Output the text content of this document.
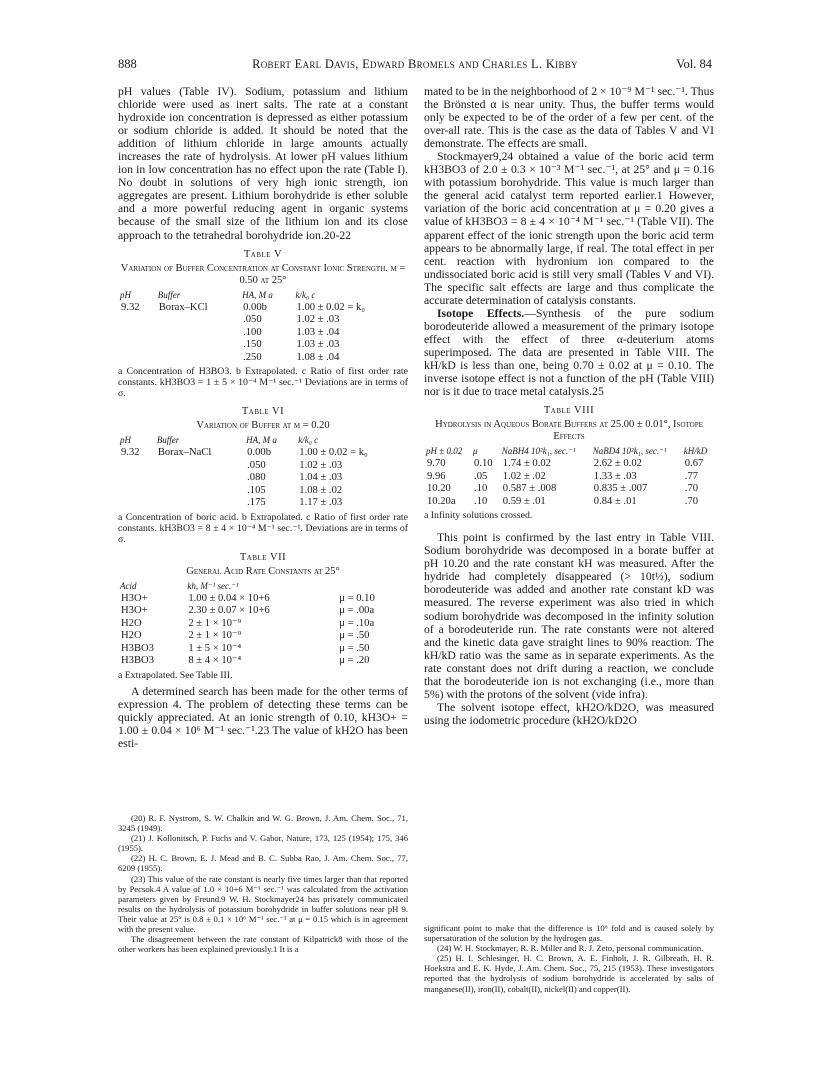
888	Robert Earl Davis, Edward Bromels and Charles L. Kibby	Vol. 84

pH values (Table IV). Sodium, potassium and lithium chloride were used as inert salts. The rate at a constant hydroxide ion concentration is depressed as either potassium or sodium chloride is added. It should be noted that the addition of lithium chloride in large amounts actually increases the rate of hydrolysis. At lower pH values lithium ion in low concentration has no effect upon the rate (Table I). No doubt in solutions of very high ionic strength, ion aggregates are present. Lithium borohydride is ether soluble and a more powerful reducing agent in organic systems because of the small size of the lithium ion and its close approach to the tetrahedral borohydride ion.20-22

Table V
Variation of Buffer Concentration at Constant Ionic Strength. μ = 0.50 at 25°
pH	Buffer	HA, M a	k/k₀ c
9.32	Borax–KCl	0.00b	1.00 ± 0.02 = k₀
		.050	1.02 ± .03
		.100	1.03 ± .04
		.150	1.03 ± .03
		.250	1.08 ± .04
a Concentration of H3BO3. b Extrapolated. c Ratio of first order rate constants. kH3BO3 = 1 ± 5 × 10⁻⁴ M⁻¹ sec.⁻¹ Deviations are in terms of σ.
Table VI
Variation of Buffer at μ = 0.20
pH	Buffer	HA, M a	k/k₀ c
9.32	Borax–NaCl	0.00b	1.00 ± 0.02 = k₀
		.050	1.02 ± .03
		.080	1.04 ± .03
		.105	1.08 ± .02
		.175	1.17 ± .03
a Concentration of boric acid. b Extrapolated. c Ratio of first order rate constants. kH3BO3 = 8 ± 4 × 10⁻⁴ M⁻¹ sec.⁻¹. Deviations are in terms of σ.
Table VII
General Acid Rate Constants at 25°
Acid	kh, M⁻¹ sec.⁻¹	
H3O+	1.00 ± 0.04 × 10+6	μ = 0.10
H3O+	2.30 ± 0.07 × 10+6	μ = .00a
H2O	2 ± 1 × 10⁻⁹	μ = .10a
H2O	2 ± 1 × 10⁻⁹	μ = .50
H3BO3	1 ± 5 × 10⁻⁴	μ = .50
H3BO3	8 ± 4 × 10⁻⁴	μ = .20
a Extrapolated. See Table III.

A determined search has been made for the other terms of expression 4. The problem of detecting these terms can be quickly appreciated. At an ionic strength of 0.10, kH3O+ = 1.00 ± 0.04 × 10⁶ M⁻¹ sec.⁻¹.23 The value of kH2O has been esti-

(20) R. F. Nystrom, S. W. Chalkin and W. G. Brown, J. Am. Chem. Soc., 71, 3245 (1949).

(21) J. Kollonitsch, P. Fuchs and V. Gabor, Nature, 173, 125 (1954); 175, 346 (1955).

(22) H. C. Brown, E. J. Mead and B. C. Subba Rao, J. Am. Chem. Soc., 77, 6209 (1955).

(23) This value of the rate constant is nearly five times larger than that reported by Pecsok.4 A value of 1.0 × 10+6 M⁻¹ sec.⁻¹ was calculated from the activation parameters given by Freund.9 W. H. Stockmayer24 has privately communicated results on the hydrolysis of potassium borohydride in buffer solutions near pH 9. Their value at 25° is 0.8 ± 0.1 × 10⁶ M⁻¹ sec.⁻¹ at μ = 0.15 which is in agreement with the present value.

The disagreement between the rate constant of Kilpatrick8 with those of the other workers has been explained previously.1 It is a

mated to be in the neighborhood of 2 × 10⁻⁹ M⁻¹ sec.⁻¹. Thus the Brönsted α is near unity. Thus, the buffer terms would only be expected to be of the order of a few per cent. of the over-all rate. This is the case as the data of Tables V and VI demonstrate. The effects are small.

Stockmayer9,24 obtained a value of the boric acid term kH3BO3 of 2.0 ± 0.3 × 10⁻³ M⁻¹ sec.⁻¹, at 25° and μ = 0.16 with potassium borohydride. This value is much larger than the general acid catalyst term reported earlier.1 However, variation of the boric acid concentration at μ = 0.20 gives a value of kH3BO3 = 8 ± 4 × 10⁻⁴ M⁻¹ sec.⁻¹ (Table VII). The apparent effect of the ionic strength upon the boric acid term appears to be abnormally large, if real. The total effect in per cent. reaction with hydronium ion compared to the undissociated boric acid is still very small (Tables V and VI). The specific salt effects are large and thus complicate the accurate determination of catalysis constants.

Isotope Effects.—Synthesis of the pure sodium borodeuteride allowed a measurement of the primary isotope effect with the effect of three α-deuterium atoms superimposed. The data are presented in Table VIII. The kH/kD is less than one, being 0.70 ± 0.02 at μ = 0.10. The inverse isotope effect is not a function of the pH (Table VIII) nor is it due to trace metal catalysis.25

Table VIII
Hydrolysis in Aqueous Borate Buffers at 25.00 ± 0.01°, Isotope Effects
pH ± 0.02	μ	NaBH4 10²k₁, sec.⁻¹	NaBD4 10²k₁, sec.⁻¹	kH/kD
9.70	0.10	1.74 ± 0.02	2.62 ± 0.02	0.67
9.96	.05	1.02 ± .02	1.33 ± .03	.77
10.20	.10	0.587 ± .008	0.835 ± .007	.70
10.20a	.10	0.59 ± .01	0.84 ± .01	.70
a Infinity solutions crossed.

This point is confirmed by the last entry in Table VIII. Sodium borohydride was decomposed in a borate buffer at pH 10.20 and the rate constant kH was measured. After the hydride had completely disappeared (> 10t½), sodium borodeuteride was added and another rate constant kD was measured. The reverse experiment was also tried in which sodium borohydride was decomposed in the infinity solution of a borodeuteride run. The rate constants were not altered and the kinetic data gave straight lines to 90% reaction. The kH/kD ratio was the same as in separate experiments. As the rate constant does not drift during a reaction, we conclude that the borodeuteride ion is not exchanging (i.e., more than 5%) with the protons of the solvent (vide infra).

The solvent isotope effect, kH2O/kD2O, was measured using the iodometric procedure (kH2O/kD2O

significant point to make that the difference is 10⁶ fold and is caused solely by supersaturation of the solution by the hydrogen gas.

(24) W. H. Stockmayer, R. R. Miller and R. J. Zeto, personal communication.

(25) H. I. Schlesinger, H. C. Brown, A. E. Finholt, J. R. Gilbreath, H. R. Hoekstra and E. K. Hyde, J. Am. Chem. Soc., 75, 215 (1953). These investigators reported that the hydrolysis of sodium borohydride is accelerated by salts of manganese(II), iron(II), cobalt(II), nickel(II) and copper(II).
